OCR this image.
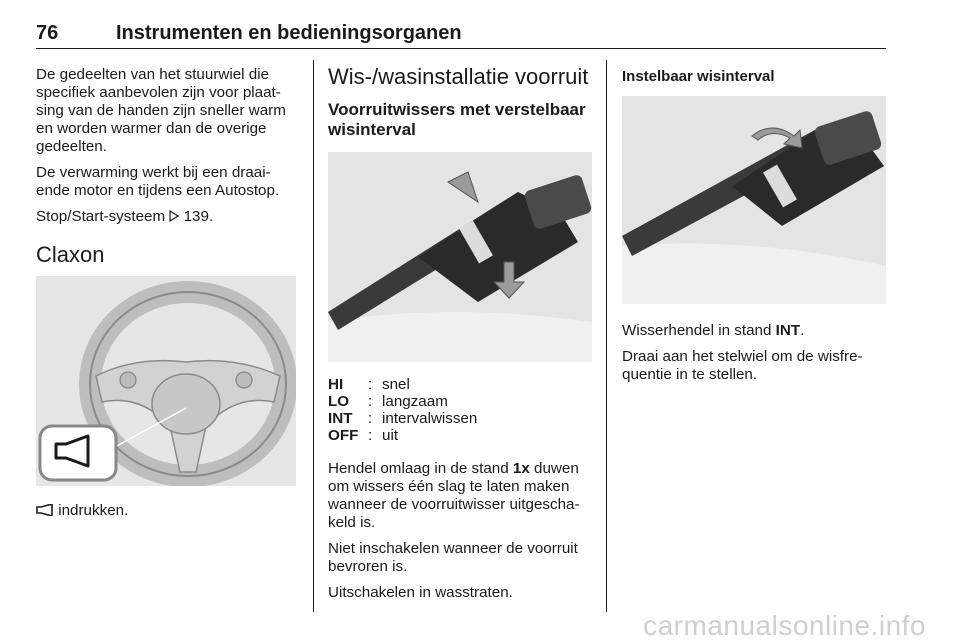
76	Instrumenten en bedieningsorganen

De gedeelten van het stuurwiel die
specifiek aanbevolen zijn voor plaat-
sing van de handen zijn sneller warm
en worden warmer dan de overige
gedeelten.

De verwarming werkt bij een draai-
ende motor en tijdens een Autostop.

Stop/Start-systeem 139.

Claxon
indrukken.
Wis-/wasinstallatie voorruit
Voorruitwissers met verstelbaar
wisinterval
HI	: snel
LO	: langzaam
INT	: intervalwissen
OFF : uit

Hendel omlaag in de stand 1x duwen
om wissers één slag te laten maken
wanneer de voorruitwisser uitgescha-
keld is.

Niet inschakelen wanneer de voorruit
bevroren is.

Uitschakelen in wasstraten.

Instelbaar wisinterval

Wisserhendel in stand INT.

Draai aan het stelwiel om de wisfre-
quentie in te stellen.

carmanualsonline.info
